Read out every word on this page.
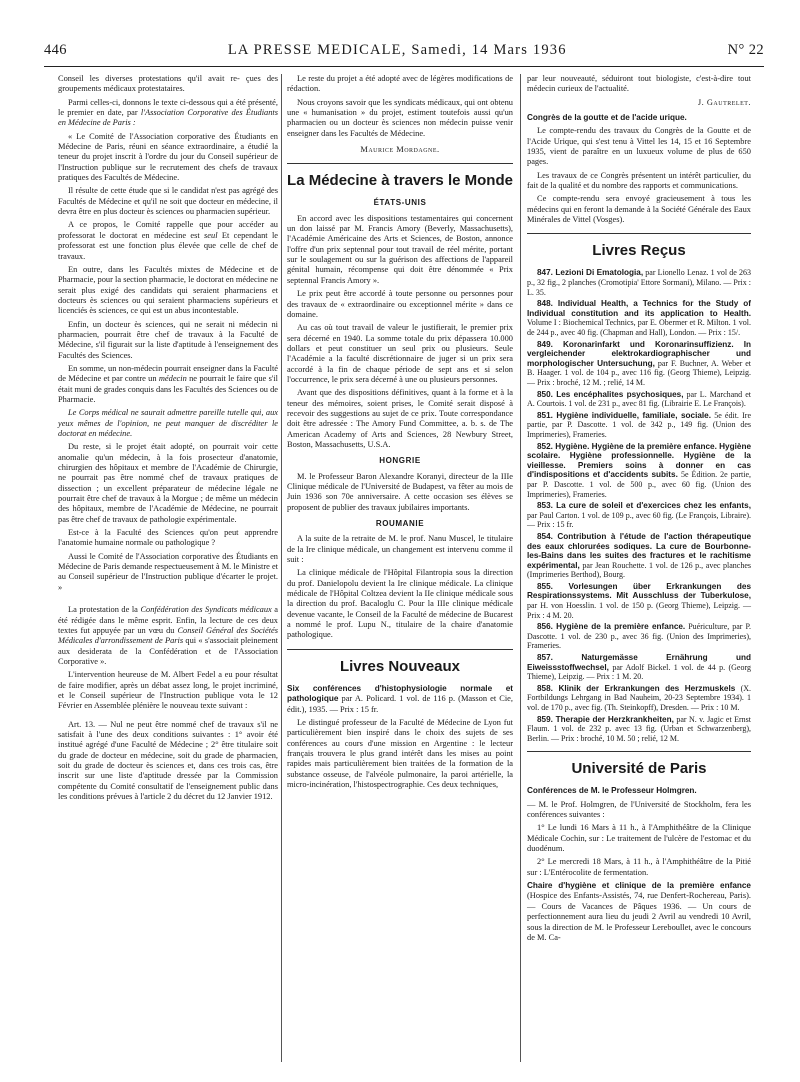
446	LA PRESSE MEDICALE, Samedi, 14 Mars 1936	N° 22

Conseil les diverses protestations qu'il avait re- çues des groupements médicaux protestataires.

Parmi celles-ci, donnons le texte ci-dessous qui a été présenté, le premier en date, par l'Association Corporative des Étudiants en Médecine de Paris :

« Le Comité de l'Association corporative des Étudiants en Médecine de Paris, réuni en séance extraordinaire, a étudié la teneur du projet inscrit à l'ordre du jour du Conseil supérieur de l'Instruction publique sur le recrutement des chefs de travaux pratiques des Facultés de Médecine.

Il résulte de cette étude que si le candidat n'est pas agrégé des Facultés de Médecine et qu'il ne soit que docteur en médecine, il devra être en plus docteur ès sciences ou pharmacien supérieur.

A ce propos, le Comité rappelle que pour accéder au professorat le doctorat en médecine est seul Et cependant le professorat est une fonction plus élevée que celle de chef de travaux.

En outre, dans les Facultés mixtes de Médecine et de Pharmacie, pour la section pharmacie, le doctorat en médecine ne serait plus exigé des candidats qui seraient pharmaciens et docteurs ès sciences ou qui seraient pharmaciens supérieurs et licenciés ès sciences, ce qui est un abus incontestable.

Enfin, un docteur ès sciences, qui ne serait ni médecin ni pharmacien, pourrait être chef de travaux à la Faculté de Médecine, s'il figurait sur la liste d'aptitude à l'enseignement des Facultés des Sciences.

En somme, un non-médecin pourrait enseigner dans la Faculté de Médecine et par contre un médecin ne pourrait le faire que s'il était muni de grades conquis dans les Facultés des Sciences ou de Pharmacie.

Le Corps médical ne saurait admettre pareille tutelle qui, aux yeux mêmes de l'opinion, ne peut manquer de discréditer le doctorat en médecine.

Du reste, si le projet était adopté, on pourrait voir cette anomalie qu'un médecin, à la fois prosecteur d'anatomie, chirurgien des hôpitaux et membre de l'Académie de Chirurgie, ne pourrait pas être nommé chef de travaux pratiques de dissection ; un excellent préparateur de médecine légale ne pourrait être chef de travaux à la Morgue ; de même un médecin des hôpitaux, membre de l'Académie de Médecine, ne pourrait pas être chef de travaux de pathologie expérimentale.

Est-ce à la Faculté des Sciences qu'on peut apprendre l'anatomie humaine normale ou pathologique ?

Aussi le Comité de l'Association corporative des Étudiants en Médecine de Paris demande respectueusement à M. le Ministre et au Conseil supérieur de l'Instruction publique d'écarter le projet. »

La protestation de la Confédération des Syndicats médicaux a été rédigée dans le même esprit. Enfin, la lecture de ces deux textes fut appuyée par un vœu du Conseil Général des Sociétés Médicales d'arrondissement de Paris qui « s'associait pleinement aux desiderata de la Confédération et de l'Association Corporative ».

L'intervention heureuse de M. Albert Fedel a eu pour résultat de faire modifier, après un débat assez long, le projet incriminé, et le Conseil supérieur de l'Instruction publique vota le 12 Février en Assemblée plénière le nouveau texte suivant :

Art. 13. — Nul ne peut être nommé chef de travaux s'il ne satisfait à l'une des deux conditions suivantes : 1° avoir été institué agrégé d'une Faculté de Médecine ; 2° être titulaire soit du grade de docteur en médecine, soit du grade de pharmacien, soit du grade de docteur ès sciences et, dans ces trois cas, être inscrit sur une liste d'aptitude dressée par la Commission compétente du Comité consultatif de l'enseignement public dans les conditions prévues à l'article 2 du décret du 12 Janvier 1912.

Le reste du projet a été adopté avec de légères modifications de rédaction.

Nous croyons savoir que les syndicats médicaux, qui ont obtenu une « humanisation » du projet, estiment toutefois aussi qu'un pharmacien ou un docteur ès sciences non médecin puisse venir enseigner dans les Facultés de Médecine.

Maurice Mordagne.

La Médecine à travers le Monde
ÉTATS-UNIS

En accord avec les dispositions testamentaires qui concernent un don laissé par M. Francis Amory (Beverly, Massachusetts), l'Académie Américaine des Arts et Sciences, de Boston, annonce l'offre d'un prix septennal pour tout travail de réel mérite, portant sur le soulagement ou sur la guérison des affections de l'appareil génital humain, récompense qui doit être dénommée « Prix septennal Francis Amory ».

Le prix peut être accordé à toute personne ou personnes pour des travaux de « extraordinaire ou exceptionnel mérite » dans ce domaine.

Au cas où tout travail de valeur le justifierait, le premier prix sera décerné en 1940. La somme totale du prix dépassera 10.000 dollars et peut constituer un seul prix ou plusieurs. Seule l'Académie a la faculté discrétionnaire de juger si un prix sera accordé à la fin de chaque période de sept ans et si selon l'occurrence, le prix sera décerné à une ou plusieurs personnes.

Avant que des dispositions définitives, quant à la forme et à la teneur des mémoires, soient prises, le Comité serait disposé à recevoir des suggestions au sujet de ce prix. Toute correspondance doit être adressée : The Amory Fund Committee, a. b. s. de The American Academy of Arts and Sciences, 28 Newbury Street, Boston, Massachusetts, U.S.A.

HONGRIE

M. le Professeur Baron Alexandre Koranyi, directeur de la IIIe Clinique médicale de l'Université de Budapest, va fêter au mois de Juin 1936 son 70e anniversaire. A cette occasion ses élèves se proposent de publier des travaux jubilaires importants.

ROUMANIE

A la suite de la retraite de M. le prof. Nanu Muscel, le titulaire de la Ire clinique médicale, un changement est intervenu comme il suit :

La clinique médicale de l'Hôpital Filantropia sous la direction du prof. Danielopolu devient la Ire clinique médicale. La clinique médicale de l'Hôpital Coltzea devient la IIe clinique médicale sous la direction du prof. Bacaloglu C. Pour la IIIe clinique médicale devenue vacante, le Conseil de la Faculté de médecine de Bucarest a nommé le prof. Lupu N., titulaire de la chaire d'anatomie pathologique.

Livres Nouveaux

Six conférences d'histophysiologie normale et pathologique par A. Policard. 1 vol. de 116 p. (Masson et Cie, édit.), 1935. — Prix : 15 fr.

Le distingué professeur de la Faculté de Médecine de Lyon fut particulièrement bien inspiré dans le choix des sujets de ses conférences au cours d'une mission en Argentine : le lecteur français trouvera le plus grand intérêt dans les mises au point rapides mais particulièrement bien traitées de la formation de la substance osseuse, de l'alvéole pulmonaire, la paroi artérielle, la micro-incinération, l'histospectrographie. Ces deux techniques,

par leur nouveauté, séduiront tout biologiste, c'est-à-dire tout médecin curieux de l'actualité.

J. Gautrelet.

Congrès de la goutte et de l'acide urique.

Le compte-rendu des travaux du Congrès de la Goutte et de l'Acide Urique, qui s'est tenu à Vittel les 14, 15 et 16 Septembre 1935, vient de paraître en un luxueux volume de plus de 650 pages.

Les travaux de ce Congrès présentent un intérêt particulier, du fait de la qualité et du nombre des rapports et communications.

Ce compte-rendu sera envoyé gracieusement à tous les médecins qui en feront la demande à la Société Générale des Eaux Minérales de Vittel (Vosges).

Livres Reçus

847. Lezioni Di Ematologia, par Lionello Lenaz. 1 vol de 263 p., 32 fig., 2 planches (Cromotipia' Ettore Sormani), Milano. — Prix : L. 35.

848. Individual Health, a Technics for the Study of Individual constitution and its application to Health. Volume I : Biochemical Technics, par E. Obermer et R. Milton. 1 vol. de 244 p., avec 40 fig. (Chapman and Hall), London. — Prix : 15/.

849. Koronarinfarkt und Koronarinsuffizienz. In vergleichender elektrokardiographischer und morphologischer Untersuchung, par F. Buchner, A. Weber et B. Haager. 1 vol. de 104 p., avec 116 fig. (Georg Thieme), Leipzig. — Prix : broché, 12 M. ; relié, 14 M.

850. Les encéphalites psychosiques, par L. Marchand et A. Courtois. 1 vol. de 231 p., avec 81 fig. (Librairie E. Le François).

851. Hygiène individuelle, familiale, sociale. 5e édit. Ire partie, par P. Dascotte. 1 vol. de 342 p., 149 fig. (Union des Imprimeries), Frameries.

852. Hygiène. Hygiène de la première enfance. Hygiène scolaire. Hygiène professionnelle. Hygiène de la vieillesse. Premiers soins à donner en cas d'indispositions et d'accidents subits. 5e Édition. 2e partie, par P. Dascotte. 1 vol. de 500 p., avec 60 fig. (Union des Imprimeries), Frameries.

853. La cure de soleil et d'exercices chez les enfants, par Paul Carton. 1 vol. de 109 p., avec 60 fig. (Le François, Libraire). — Prix : 15 fr.

854. Contribution à l'étude de l'action thérapeutique des eaux chlorurées sodiques. La cure de Bourbonne-les-Bains dans les suites des fractures et le rachitisme expérimental, par Jean Rouchette. 1 vol. de 126 p., avec planches (Imprimeries Berthod), Bourg.

855. Vorlesungen über Erkrankungen des Respirationssystems. Mit Ausschluss der Tuberkulose, par H. von Hoesslin. 1 vol. de 150 p. (Georg Thieme), Leipzig. — Prix : 4 M. 20.

856. Hygiène de la première enfance. Puériculture, par P. Dascotte. 1 vol. de 230 p., avec 36 fig. (Union des Imprimeries), Frameries.

857. Naturgemässe Ernährung und Eiweissstoffwechsel, par Adolf Bickel. 1 vol. de 44 p. (Georg Thieme), Leipzig. — Prix : 1 M. 20.

858. Klinik der Erkrankungen des Herzmuskels (X. Fortbildungs Lehrgang in Bad Nauheim, 20-23 Septembre 1934). 1 vol. de 170 p., avec fig. (Th. Steinkopff), Dresden. — Prix : 10 M.

859. Therapie der Herzkrankheiten, par N. v. Jagic et Ernst Flaum. 1 vol. de 232 p. avec 13 fig. (Urban et Schwarzenberg), Berlin. — Prix : broché, 10 M. 50 ; relié, 12 M.

Université de Paris

Conférences de M. le Professeur Holmgren.

— M. le Prof. Holmgren, de l'Université de Stockholm, fera les conférences suivantes :

1° Le lundi 16 Mars à 11 h., à l'Amphithéâtre de la Clinique Médicale Cochin, sur : Le traitement de l'ulcère de l'estomac et du duodénum.

2° Le mercredi 18 Mars, à 11 h., à l'Amphithéâtre de la Pitié sur : L'Entérocolite de fermentation.

Chaire d'hygiène et clinique de la première enfance (Hospice des Enfants-Assistés, 74, rue Denfert-Rochereau, Paris). — Cours de Vacances de Pâques 1936. — Un cours de perfectionnement aura lieu du jeudi 2 Avril au vendredi 10 Avril, sous la direction de M. le Professeur Lereboullet, avec le concours de M. Ca-
